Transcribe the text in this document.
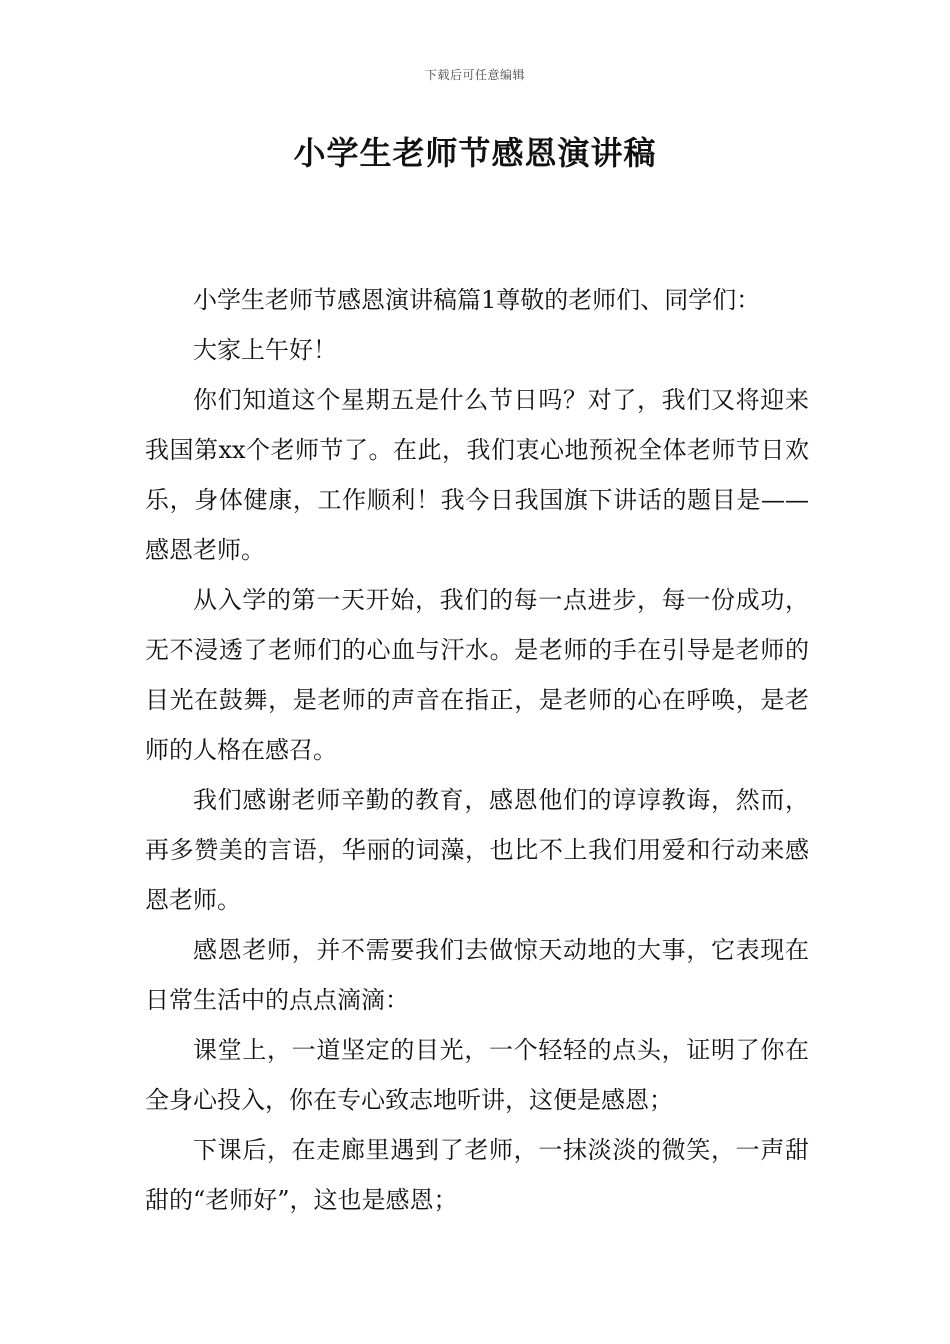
下载后可任意编辑
小学生老师节感恩演讲稿

小学生老师节感恩演讲稿篇1尊敬的老师们、同学们：

大家上午好！

你们知道这个星期五是什么节日吗？对了，我们又将迎来我国第xx个老师节了。在此，我们衷心地预祝全体老师节日欢乐，身体健康，工作顺利！我今日我国旗下讲话的题目是——感恩老师。

从入学的第一天开始，我们的每一点进步，每一份成功，无不浸透了老师们的心血与汗水。是老师的手在引导是老师的目光在鼓舞，是老师的声音在指正，是老师的心在呼唤，是老师的人格在感召。

我们感谢老师辛勤的教育，感恩他们的谆谆教诲，然而，再多赞美的言语，华丽的词藻，也比不上我们用爱和行动来感恩老师。

感恩老师，并不需要我们去做惊天动地的大事，它表现在日常生活中的点点滴滴：

课堂上，一道坚定的目光，一个轻轻的点头，证明了你在全身心投入，你在专心致志地听讲，这便是感恩；

下课后，在走廊里遇到了老师，一抹淡淡的微笑，一声甜甜的“老师好”，这也是感恩；
